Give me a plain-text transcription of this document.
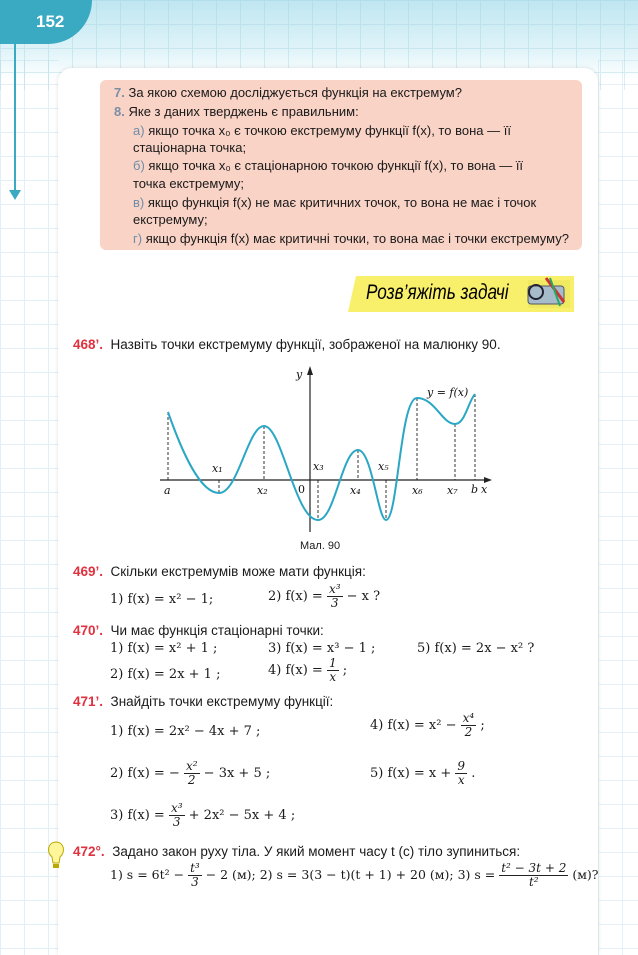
152
7. За якою схемою досліджується функція на екстремум?
8. Яке з даних тверджень є правильним:
а) якщо точка x₀ є точкою екстремуму функції f(x), то вона — її
стаціонарна точка;
б) якщо точка x₀ є стаціонарною точкою функції f(x), то вона — її
точка екстремуму;
в) якщо функція f(x) не має критичних точок, то вона не має і точок
екстремуму;
г) якщо функція f(x) має критичні точки, то вона має і точки екстремуму?
Розв’яжіть задачі
468’. Назвіть точки екстремуму функції, зображеної на малюнку 90.
a
x₁
x₂
x₃
x₄
x₅
x₆ x₇ b x
y
0
y = f(x)
Мал. 90
469’. Скільки екстремумів може мати функція:
1) f(x) = x² − 1;	2) $f(x) = \frac{\text{x³}}{3} - x$ ?
470’. Чи має функція стаціонарні точки:
1) f(x) = x² + 1 ;	3) f(x) = x³ − 1 ;	5) f(x) = 2x − x² ?
2) f(x) = 2x + 1 ;	4) $f(x) = \frac{1}{x}$ ;
471’. Знайдіть точки екстремуму функції:
1) f(x) = 2x² − 4x + 7 ;	4) $f(x) = x^2 - \frac{\text{x⁴}}{2}$ ;
2) f(x) = − $\frac{\text{x²}}{2} - 3x + 5$ ;	5) $f(x) = x + \frac{9}{x}$ .
3) $f(x) = \frac{\text{x³}}{3} + 2x^2 - 5x + 4$ ;
472°. Задано закон руху тіла. У який момент часу t (с) тіло зупиниться:
1) $s = 6t^2 - \frac{\text{t³}}{3} - 2$ (м); 2) s = 3(3 − t)(t + 1) + 20 (м); 3) $s = \frac{\text{t² − 3t + 2}}{\text{t²}} (м)$?
